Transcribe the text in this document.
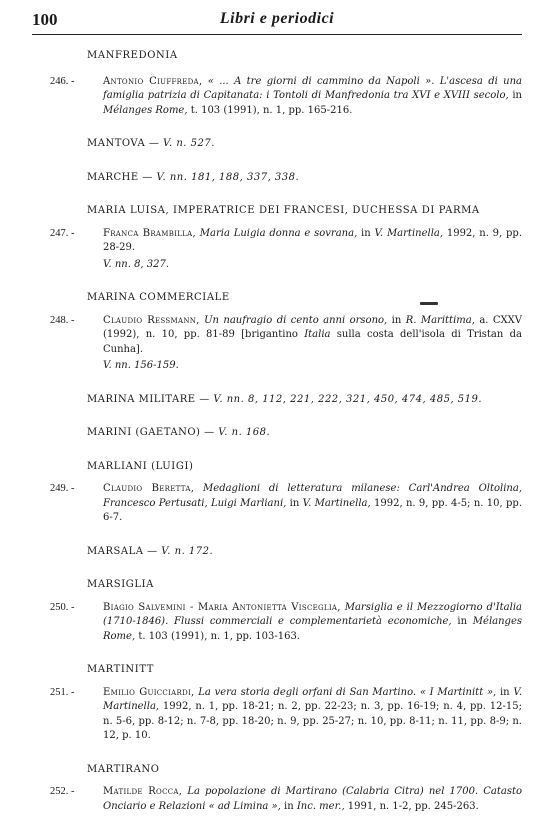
100	Libri e periodici
MANFREDONIA
246. -	Antonio Ciuffreda, « ... A tre giorni di cammino da Napoli ». L'ascesa di una famiglia patrizia di Capitanata: i Tontoli di Manfredonia tra XVI e XVIII secolo, in Mélanges Rome, t. 103 (1991), n. 1, pp. 165-216.
MANTOVA — V. n. 527.
MARCHE — V. nn. 181, 188, 337, 338.
MARIA LUISA, IMPERATRICE DEI FRANCESI, DUCHESSA DI PARMA
247. -	Franca Brambilla, Maria Luigia donna e sovrana, in V. Martinella, 1992, n. 9, pp. 28-29.
V. nn. 8, 327.
MARINA COMMERCIALE
248. -	Claudio Ressmann, Un naufragio di cento anni orsono, in R. Marittima, a. CXXV (1992), n. 10, pp. 81-89 [brigantino Italia sulla costa dell'isola di Tristan da Cunha].
V. nn. 156-159.
MARINA MILITARE — V. nn. 8, 112, 221, 222, 321, 450, 474, 485, 519.
MARINI (GAETANO) — V. n. 168.
MARLIANI (LUIGI)
249. -	Claudio Beretta, Medaglioni di letteratura milanese: Carl'Andrea Oltolina, Francesco Pertusati, Luigi Marliani, in V. Martinella, 1992, n. 9, pp. 4-5; n. 10, pp. 6-7.
MARSALA — V. n. 172.
MARSIGLIA
250. -	Biagio Salvemini - Maria Antonietta Visceglia, Marsiglia e il Mezzogiorno d'Italia (1710-1846). Flussi commerciali e complementarietà economiche, in Mélanges Rome, t. 103 (1991), n. 1, pp. 103-163.
MARTINITT
251. -	Emilio Guicciardi, La vera storia degli orfani di San Martino. « I Martinitt », in V. Martinella, 1992, n. 1, pp. 18-21; n. 2, pp. 22-23; n. 3, pp. 16-19; n. 4, pp. 12-15; n. 5-6, pp. 8-12; n. 7-8, pp. 18-20; n. 9, pp. 25-27; n. 10, pp. 8-11; n. 11, pp. 8-9; n. 12, p. 10.
MARTIRANO
252. -	Matilde Rocca, La popolazione di Martirano (Calabria Citra) nel 1700. Catasto Onciario e Relazioni « ad Limina », in Inc. mer., 1991, n. 1-2, pp. 245-263.
